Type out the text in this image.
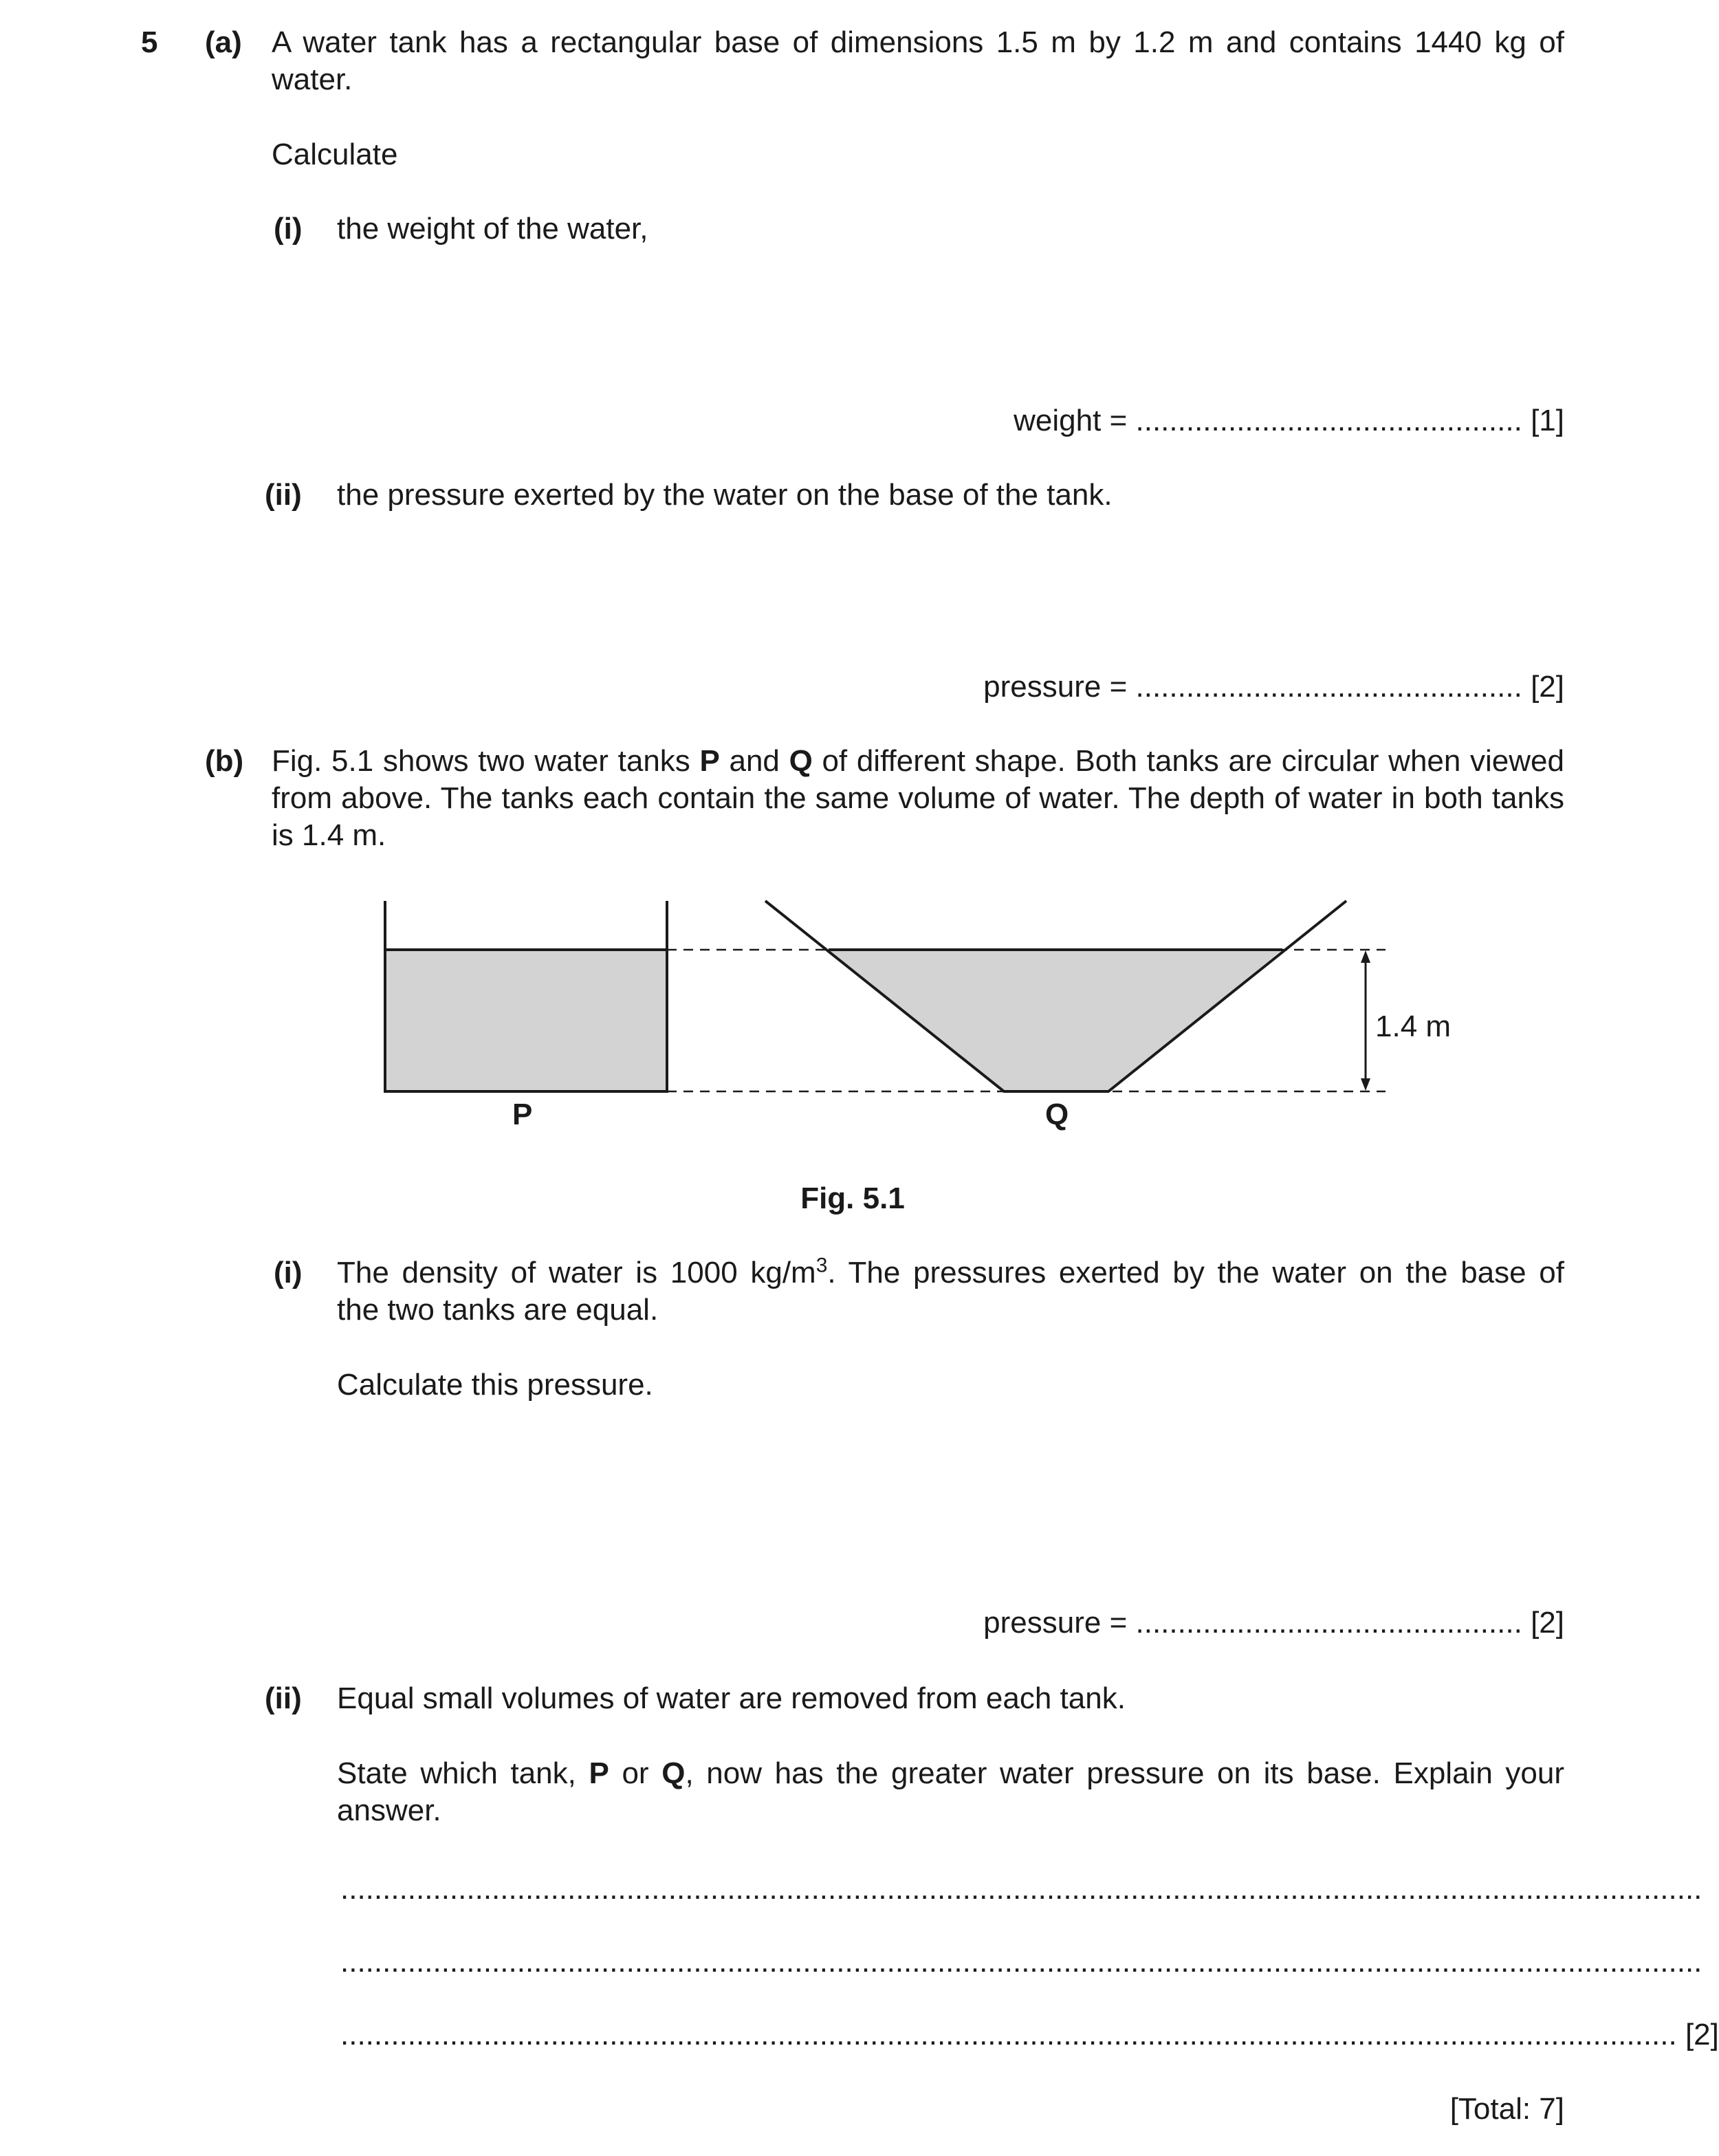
5 (a) A water tank has a rectangular base of dimensions 1.5 m by 1.2 m and contains 1440 kg of
water.
Calculate
(i) the weight of the water,
weight = .............................................. [1]
(ii) the pressure exerted by the water on the base of the tank.
pressure = .............................................. [2]
(b) Fig. 5.1 shows two water tanks P and Q of different shape. Both tanks are circular when viewed from above. The tanks each contain the same volume of water. The depth of water in both tanks is 1.4 m.
1.4 m
P	Q
Fig. 5.1
(i) The density of water is 1000 $kg/m^3$. The pressures exerted by the water on the base of
the two tanks are equal.
Calculate this pressure.
pressure = .............................................. [2]
(ii) Equal small volumes of water are removed from each tank.
State which tank, P or Q, now has the greater water pressure on its base. Explain your answer.
..................................................................................................................................................................
..................................................................................................................................................................
............................................................................................................................................................... [2]
[Total: 7]
